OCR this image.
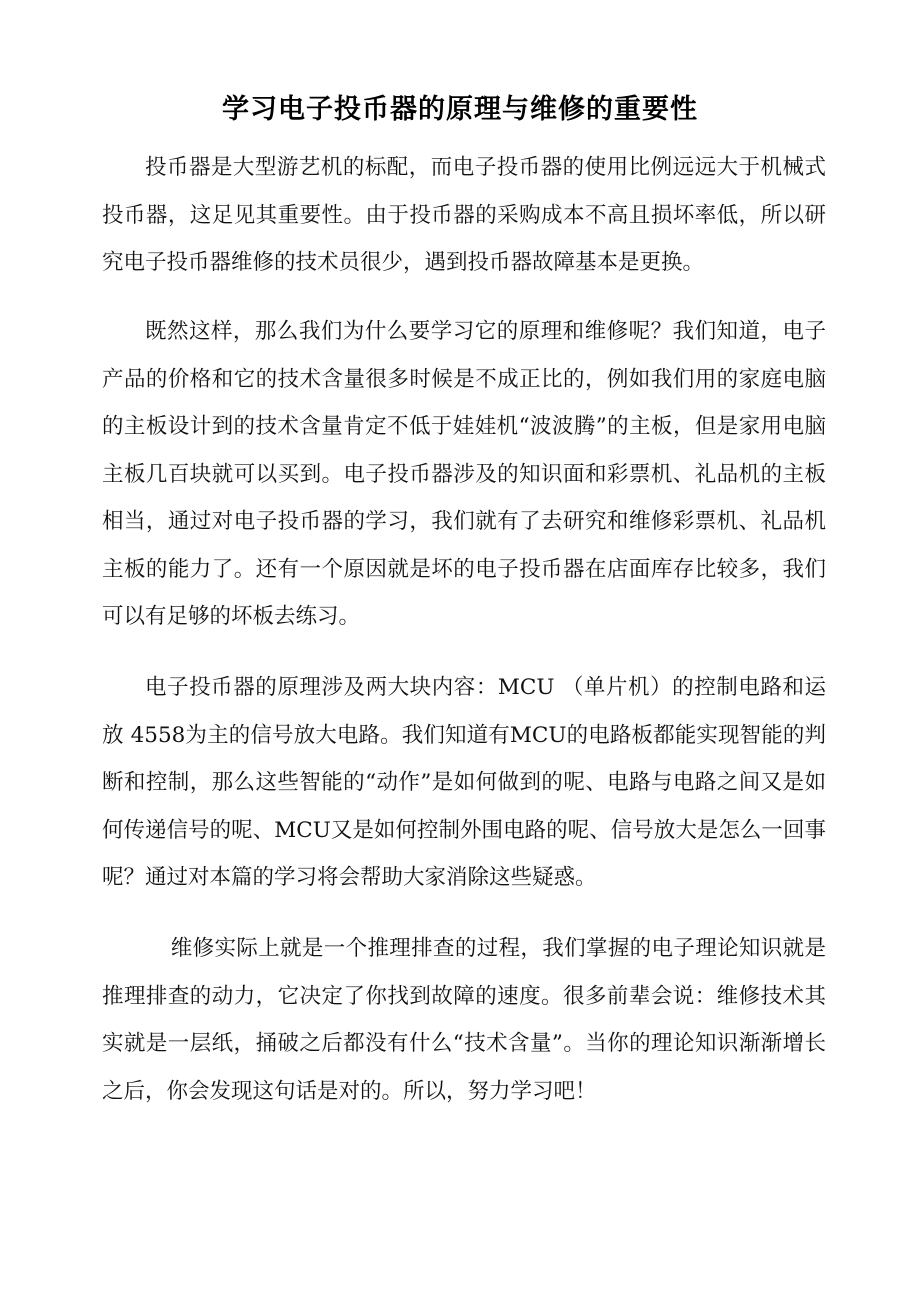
学习电子投币器的原理与维修的重要性

投币器是大型游艺机的标配，而电子投币器的使用比例远远大于机械式投币器，这足见其重要性。由于投币器的采购成本不高且损坏率低，所以研究电子投币器维修的技术员很少，遇到投币器故障基本是更换。

既然这样，那么我们为什么要学习它的原理和维修呢？我们知道，电子产品的价格和它的技术含量很多时候是不成正比的，例如我们用的家庭电脑的主板设计到的技术含量肯定不低于娃娃机“波波腾”的主板，但是家用电脑主板几百块就可以买到。电子投币器涉及的知识面和彩票机、礼品机的主板相当，通过对电子投币器的学习，我们就有了去研究和维修彩票机、礼品机主板的能力了。还有一个原因就是坏的电子投币器在店面库存比较多，我们可以有足够的坏板去练习。

电子投币器的原理涉及两大块内容：MCU （单片机）的控制电路和运放 4558为主的信号放大电路。我们知道有MCU的电路板都能实现智能的判断和控制，那么这些智能的“动作”是如何做到的呢、电路与电路之间又是如何传递信号的呢、MCU又是如何控制外围电路的呢、信号放大是怎么一回事呢？通过对本篇的学习将会帮助大家消除这些疑惑。

维修实际上就是一个推理排查的过程，我们掌握的电子理论知识就是推理排查的动力，它决定了你找到故障的速度。很多前辈会说：维修技术其实就是一层纸，捅破之后都没有什么“技术含量”。当你的理论知识渐渐增长之后，你会发现这句话是对的。所以，努力学习吧！
